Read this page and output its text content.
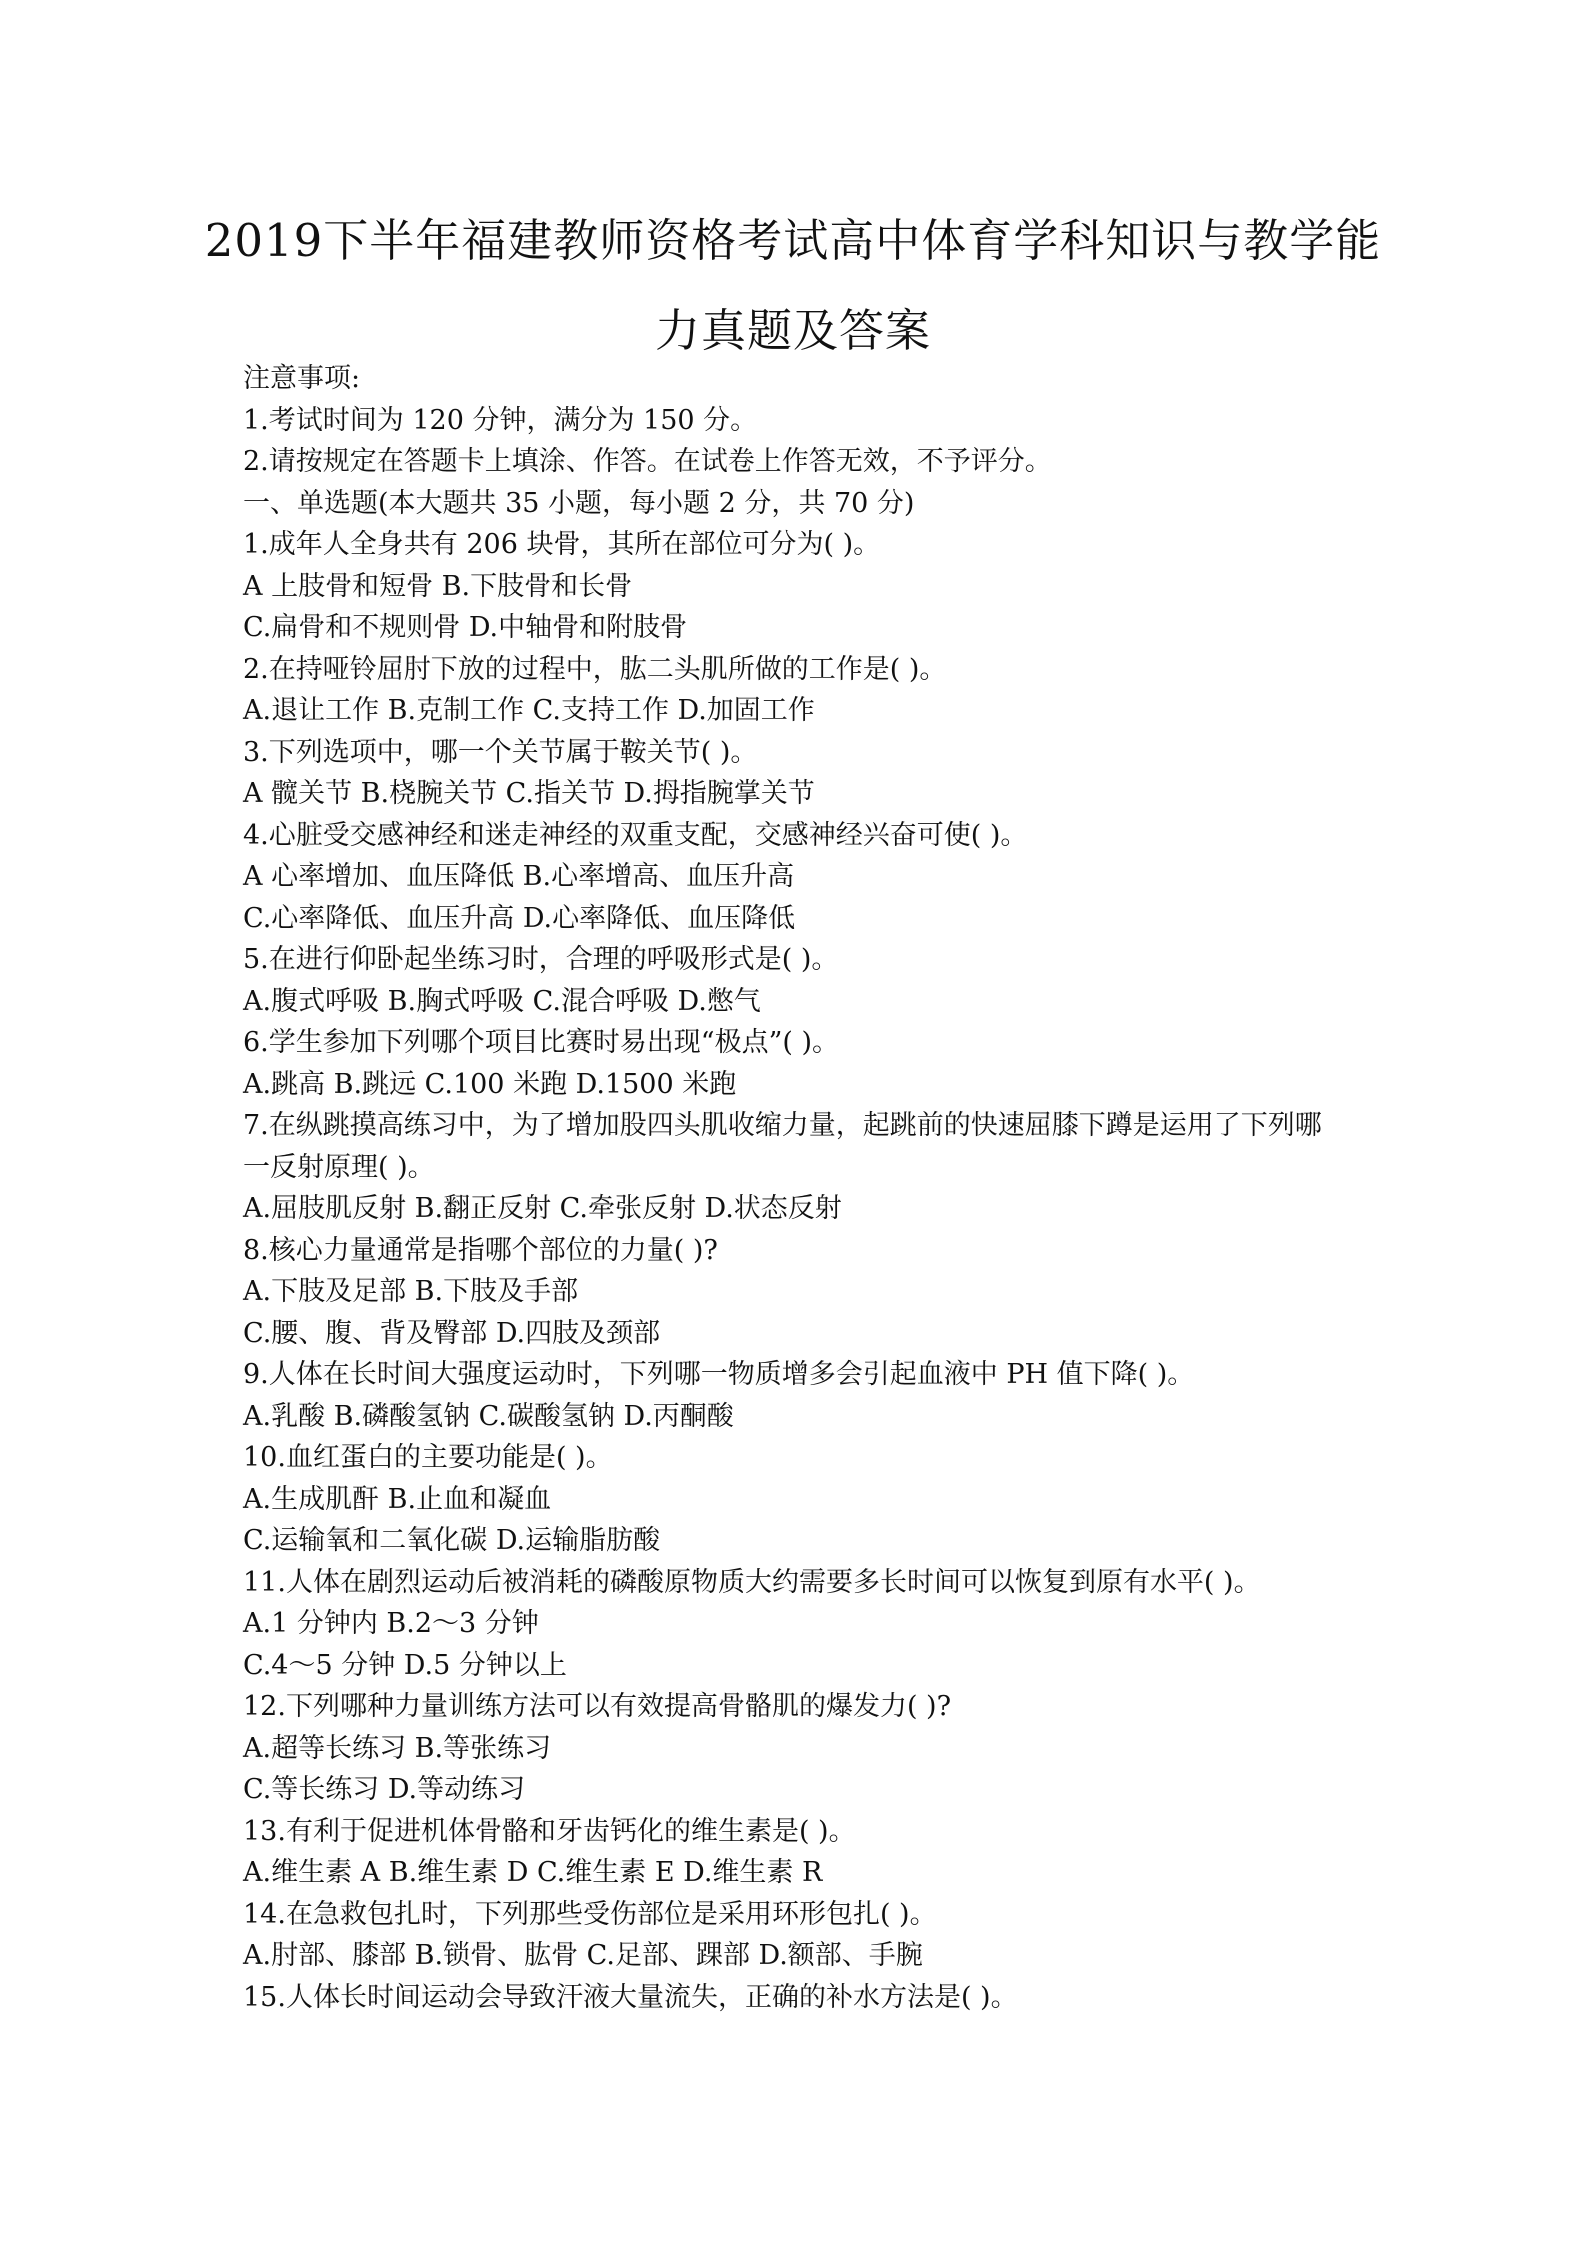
2019下半年福建教师资格考试高中体育学科知识与教学能
力真题及答案
注意事项:
1.考试时间为 120 分钟，满分为 150 分。
2.请按规定在答题卡上填涂、作答。在试卷上作答无效，不予评分。
一、单选题(本大题共 35 小题，每小题 2 分，共 70 分)
1.成年人全身共有 206 块骨，其所在部位可分为( )。
A 上肢骨和短骨 B.下肢骨和长骨
C.扁骨和不规则骨 D.中轴骨和附肢骨
2.在持哑铃屈肘下放的过程中，肱二头肌所做的工作是( )。
A.退让工作 B.克制工作 C.支持工作 D.加固工作
3.下列选项中，哪一个关节属于鞍关节( )。
A 髋关节 B.桡腕关节 C.指关节 D.拇指腕掌关节
4.心脏受交感神经和迷走神经的双重支配，交感神经兴奋可使( )。
A 心率增加、血压降低 B.心率增高、血压升高
C.心率降低、血压升高 D.心率降低、血压降低
5.在进行仰卧起坐练习时，合理的呼吸形式是( )。
A.腹式呼吸 B.胸式呼吸 C.混合呼吸 D.憋气
6.学生参加下列哪个项目比赛时易出现“极点”( )。
A.跳高 B.跳远 C.100 米跑 D.1500 米跑
7.在纵跳摸高练习中，为了增加股四头肌收缩力量，起跳前的快速屈膝下蹲是运用了下列哪
一反射原理( )。
A.屈肢肌反射 B.翻正反射 C.牵张反射 D.状态反射
8.核心力量通常是指哪个部位的力量( )?
A.下肢及足部 B.下肢及手部
C.腰、腹、背及臀部 D.四肢及颈部
9.人体在长时间大强度运动时，下列哪一物质增多会引起血液中 PH 值下降( )。
A.乳酸 B.磷酸氢钠 C.碳酸氢钠 D.丙酮酸
10.血红蛋白的主要功能是( )。
A.生成肌酐 B.止血和凝血
C.运输氧和二氧化碳 D.运输脂肪酸
11.人体在剧烈运动后被消耗的磷酸原物质大约需要多长时间可以恢复到原有水平( )。
A.1 分钟内 B.2～3 分钟
C.4～5 分钟 D.5 分钟以上
12.下列哪种力量训练方法可以有效提高骨骼肌的爆发力( )?
A.超等长练习 B.等张练习
C.等长练习 D.等动练习
13.有利于促进机体骨骼和牙齿钙化的维生素是( )。
A.维生素 A B.维生素 D C.维生素 E D.维生素 R
14.在急救包扎时，下列那些受伤部位是采用环形包扎( )。
A.肘部、膝部 B.锁骨、肱骨 C.足部、踝部 D.额部、手腕
15.人体长时间运动会导致汗液大量流失，正确的补水方法是( )。
